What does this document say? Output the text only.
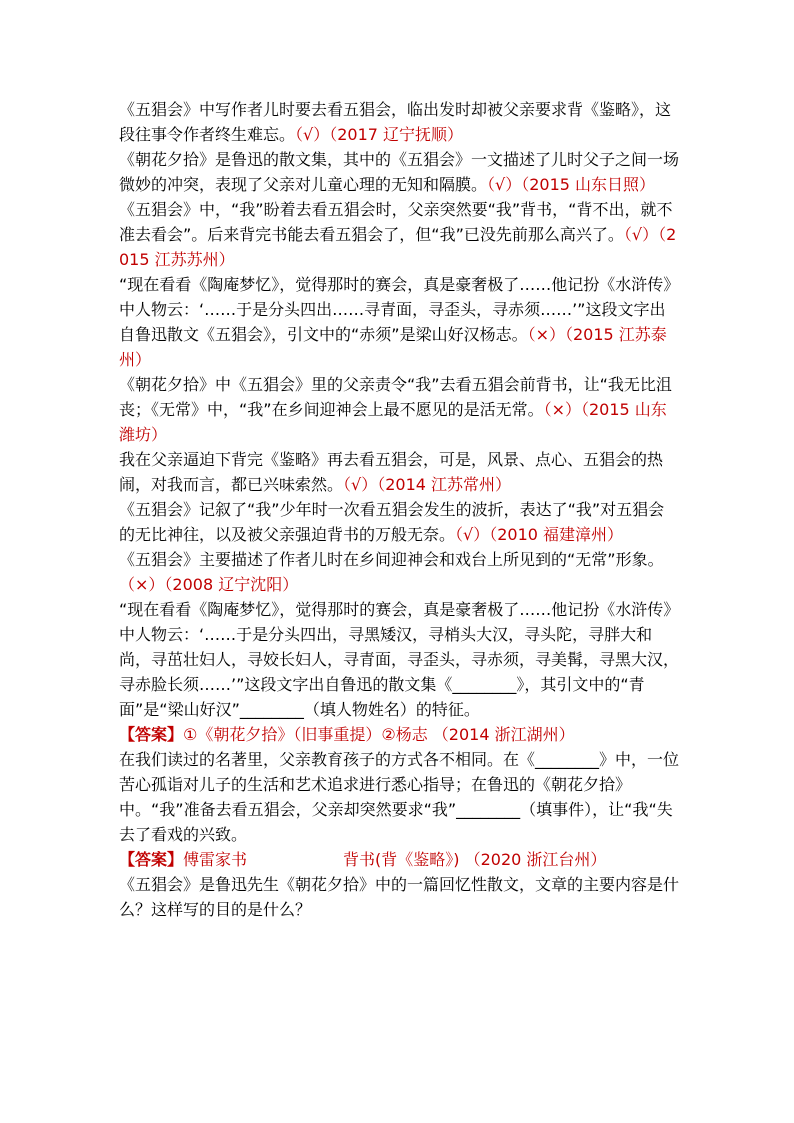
《五猖会》中写作者儿时要去看五猖会，临出发时却被父亲要求背《鉴略》，这段往事令作者终生难忘。（√）（2017 辽宁抚顺）

《朝花夕拾》是鲁迅的散文集，其中的《五猖会》一文描述了儿时父子之间一场微妙的冲突，表现了父亲对儿童心理的无知和隔膜。（√）（2015 山东日照）

《五猖会》中，“我”盼着去看五猖会时，父亲突然要“我”背书，“背不出，就不准去看会”。后来背完书能去看五猖会了，但“我”已没先前那么高兴了。（√）（2015 江苏苏州）

“现在看看《陶庵梦忆》，觉得那时的赛会，真是豪奢极了……他记扮《水浒传》中人物云：‘……于是分头四出……寻青面，寻歪头，寻赤须……’”这段文字出自鲁迅散文《五猖会》，引文中的“赤须”是梁山好汉杨志。（×）（2015 江苏泰州）

《朝花夕拾》中《五猖会》里的父亲责令“我”去看五猖会前背书，让“我无比沮丧；《无常》中，“我”在乡间迎神会上最不愿见的是活无常。（×）（2015 山东潍坊）

我在父亲逼迫下背完《鉴略》再去看五猖会，可是，风景、点心、五猖会的热闹，对我而言，都已兴味索然。（√）（2014 江苏常州）

《五猖会》记叙了“我”少年时一次看五猖会发生的波折，表达了“我”对五猖会的无比神往，以及被父亲强迫背书的万般无奈。（√）（2010 福建漳州）

《五猖会》主要描述了作者儿时在乡间迎神会和戏台上所见到的“无常”形象。（×）（2008 辽宁沈阳）

“现在看看《陶庵梦忆》，觉得那时的赛会，真是豪奢极了……他记扮《水浒传》中人物云：‘……于是分头四出，寻黑矮汉，寻梢头大汉，寻头陀，寻胖大和尚，寻茁壮妇人，寻姣长妇人，寻青面，寻歪头，寻赤须，寻美髯，寻黑大汉，寻赤脸长须……’”这段文字出自鲁迅的散文集《________》，其引文中的“青面”是“梁山好汉”________（填人物姓名）的特征。

【答案】①《朝花夕拾》（旧事重提）②杨志 （2014 浙江湖州）

在我们读过的名著里，父亲教育孩子的方式各不相同。在《________》中，一位苦心孤诣对儿子的生活和艺术追求进行悉心指导；在鲁迅的《朝花夕拾》中。“我”准备去看五猖会，父亲却突然要求“我”________（填事件），让“我“失去了看戏的兴致。

【答案】傅雷家书	背书(背《鉴略》) （2020 浙江台州）

《五猖会》是鲁迅先生《朝花夕拾》中的一篇回忆性散文，文章的主要内容是什么？这样写的目的是什么？
